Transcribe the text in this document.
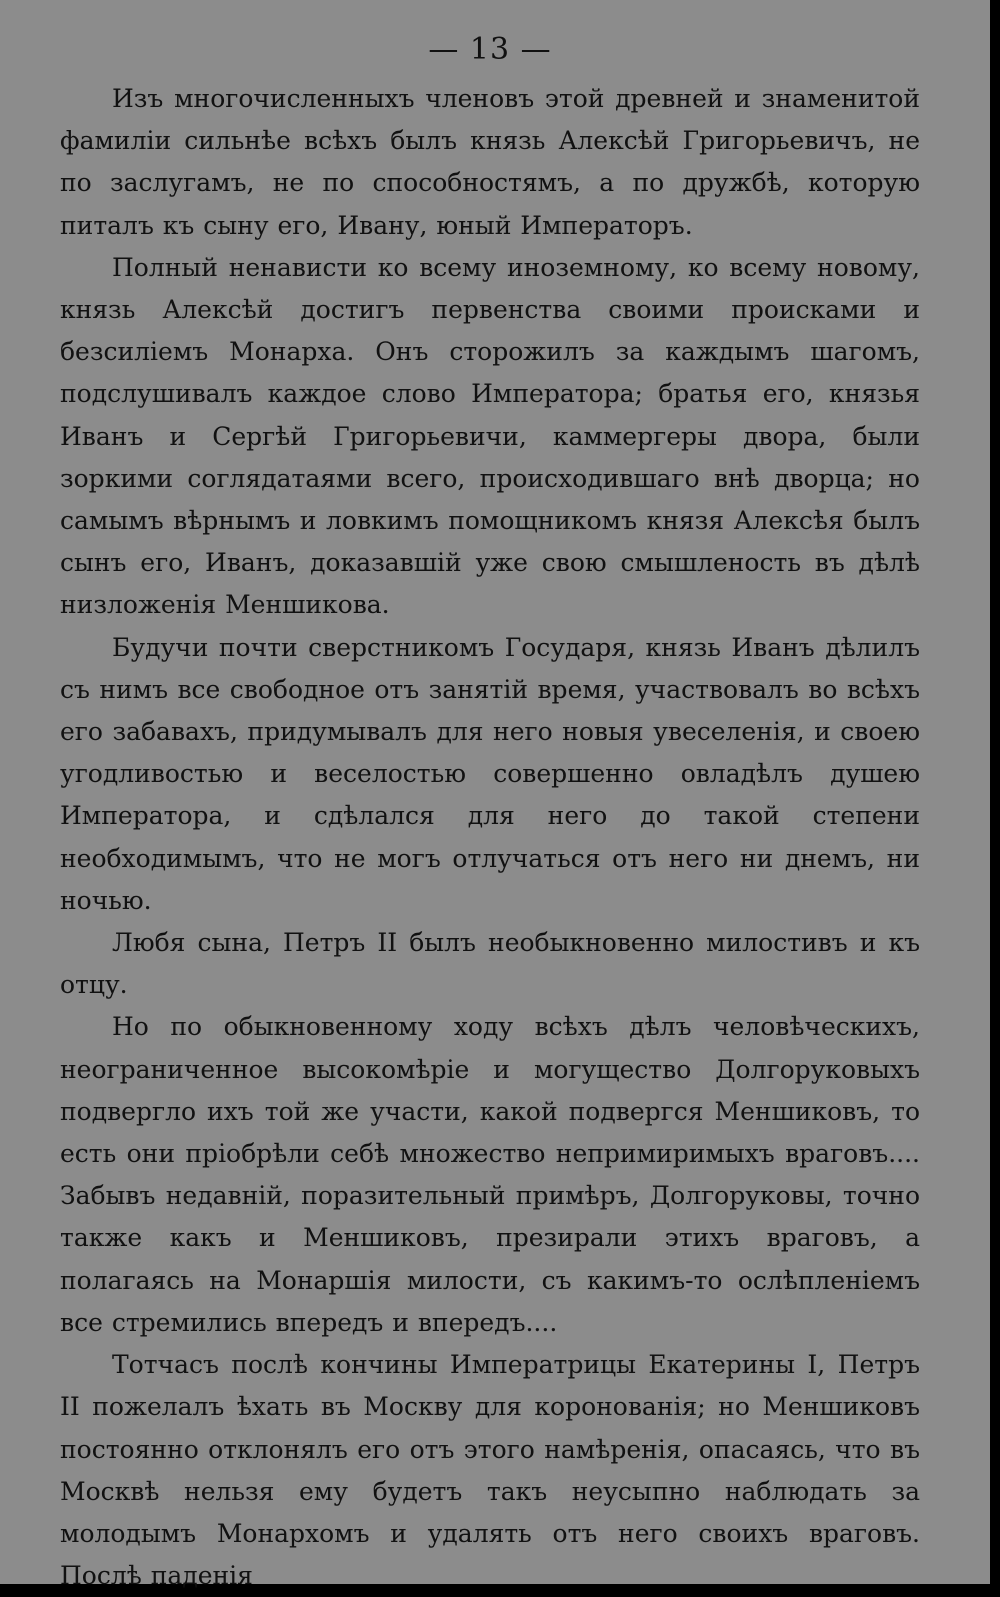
— 13 —

Изъ многочисленныхъ членовъ этой древней и знаменитой фамиліи сильнѣе всѣхъ былъ князь Алексѣй Григорьевичъ, не по заслугамъ, не по способностямъ, а по дружбѣ, которую питалъ къ сыну его, Ивану, юный Императоръ.

Полный ненависти ко всему иноземному, ко всему новому, князь Алексѣй достигъ первенства своими происками и безсиліемъ Монарха. Онъ сторожилъ за каждымъ шагомъ, подслушивалъ каждое слово Императора; братья его, князья Иванъ и Сергѣй Григорьевичи, каммергеры двора, были зоркими соглядатаями всего, происходившаго внѣ дворца; но самымъ вѣрнымъ и ловкимъ помощникомъ князя Алексѣя былъ сынъ его, Иванъ, доказавшій уже свою смышленость въ дѣлѣ низложенія Меншикова.

Будучи почти сверстникомъ Государя, князь Иванъ дѣлилъ съ нимъ все свободное отъ занятій время, участвовалъ во всѣхъ его забавахъ, придумывалъ для него новыя увеселенія, и своею угодливостью и веселостью совершенно овладѣлъ душею Императора, и сдѣлался для него до такой степени необходимымъ, что не могъ отлучаться отъ него ни днемъ, ни ночью.

Любя сына, Петръ II былъ необыкновенно милостивъ и къ отцу.

Но по обыкновенному ходу всѣхъ дѣлъ человѣческихъ, неограниченное высокомѣріе и могущество Долгоруковыхъ подвергло ихъ той же участи, какой подвергся Меншиковъ, то есть они пріобрѣли себѣ множество непримиримыхъ враговъ.... Забывъ недавній, поразительный примѣръ, Долгоруковы, точно также какъ и Меншиковъ, презирали этихъ враговъ, а полагаясь на Монаршія милости, съ какимъ-то ослѣпленіемъ все стремились впередъ и впередъ....

Тотчасъ послѣ кончины Императрицы Екатерины I, Петръ II пожелалъ ѣхать въ Москву для коронованія; но Меншиковъ постоянно отклонялъ его отъ этого намѣренія, опасаясь, что въ Москвѣ нельзя ему будетъ такъ неусыпно наблюдать за молодымъ Монархомъ и удалять отъ него своихъ враговъ. Послѣ паденія
